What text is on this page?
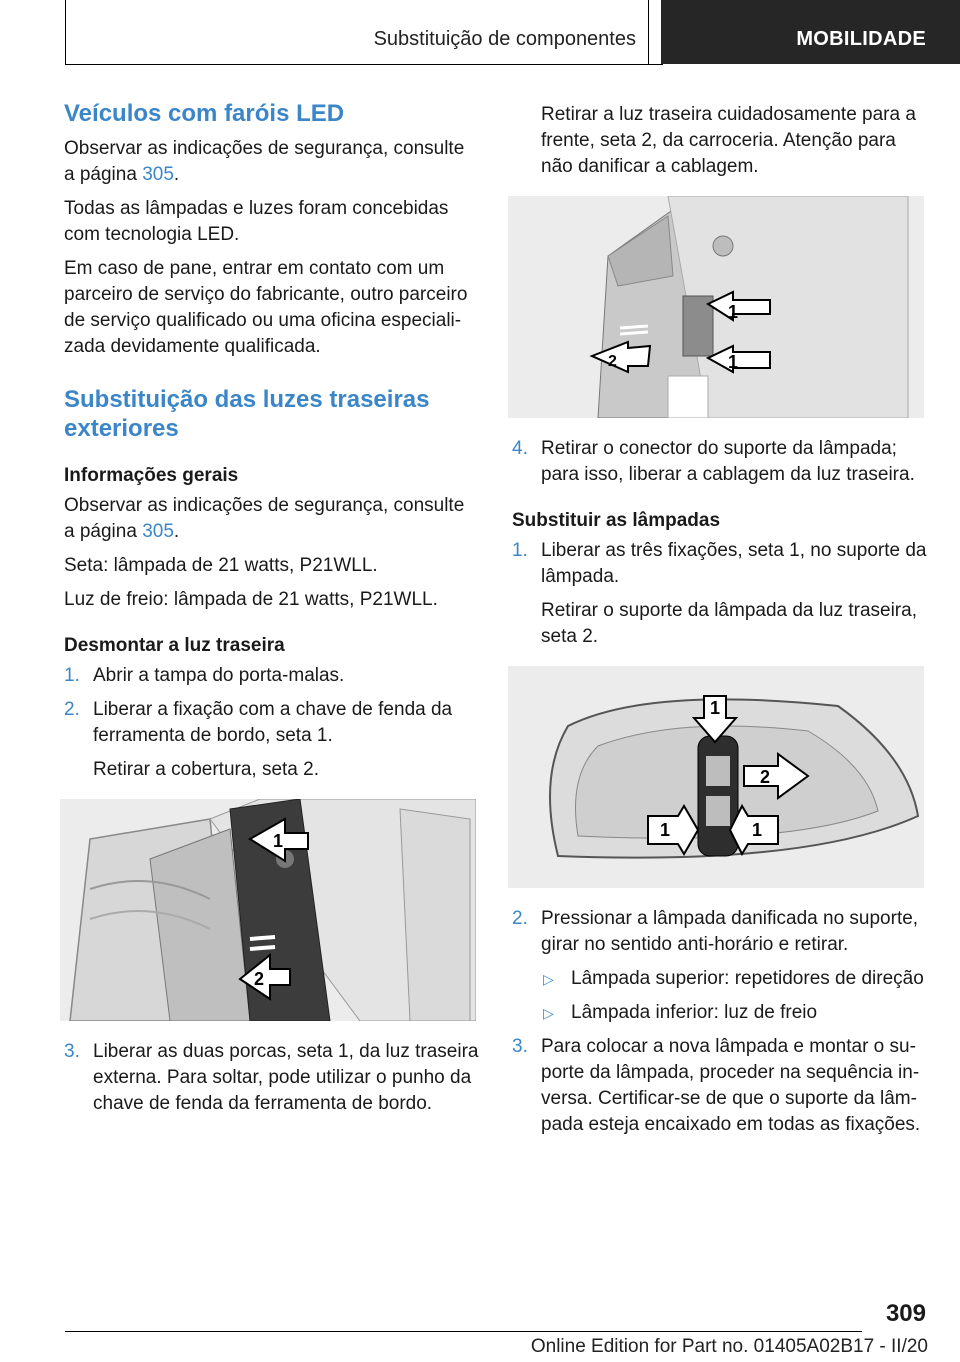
Substituição de componentes	MOBILIDADE
Veículos com faróis LED

Observar as indicações de segurança, consulte a página 305.

Todas as lâmpadas e luzes foram concebidas com tecnologia LED.

Em caso de pane, entrar em contato com um parceiro de serviço do fabricante, outro parceiro de serviço qualificado ou uma oficina especializada devidamente qualificada.

Substituição das luzes traseiras exteriores
Informações gerais

Observar as indicações de segurança, consulte a página 305.

Seta: lâmpada de 21 watts, P21WLL.

Luz de freio: lâmpada de 21 watts, P21WLL.

Desmontar a luz traseira
1. Abrir a tampa do porta-malas.
2. Liberar a fixação com a chave de fenda da ferramenta de bordo, seta 1.
Retirar a cobertura, seta 2.
1
2
3. Liberar as duas porcas, seta 1, da luz traseira externa. Para soltar, pode utilizar o punho da chave de fenda da ferramenta de bordo.

Retirar a luz traseira cuidadosamente para a frente, seta 2, da carroceria. Atenção para não danificar a cablagem.

1
1
2
4. Retirar o conector do suporte da lâmpada; para isso, liberar a cablagem da luz traseira.
Substituir as lâmpadas
1. Liberar as três fixações, seta 1, no suporte da lâmpada.
Retirar o suporte da lâmpada da luz traseira, seta 2.
1
2
1	1
2. Pressionar a lâmpada danificada no suporte, girar no sentido anti-horário e retirar.
▷ Lâmpada superior: repetidores de direção
▷ Lâmpada inferior: luz de freio
3. Para colocar a nova lâmpada e montar o suporte da lâmpada, proceder na sequência inversa. Certificar-se de que o suporte da lâmpada esteja encaixado em todas as fixações.
309
Online Edition for Part no. 01405A02B17 - II/20
